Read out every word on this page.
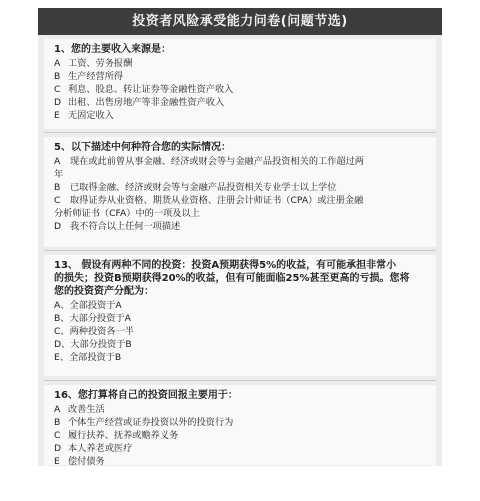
投资者风险承受能力问卷(问题节选)
1、您的主要收入来源是：
A 工资、劳务报酬
B 生产经营所得
C 利息、股息、转让证券等金融性资产收入
D 出租、出售房地产等非金融性资产收入
E 无固定收入
5、以下描述中何种符合您的实际情况：
A 现在或此前曾从事金融、经济或财会等与金融产品投资相关的工作超过两
年
B 已取得金融、经济或财会等与金融产品投资相关专业学士以上学位
C 取得证券从业资格、期货从业资格、注册会计师证书（CPA）或注册金融
分析师证书（CFA）中的一项及以上
D 我不符合以上任何一项描述
13、 假设有两种不同的投资：投资A预期获得5%的收益，有可能承担非常小
的损失；投资B预期获得20%的收益，但有可能面临25%甚至更高的亏损。您将
您的投资资产分配为：
A、全部投资于A
B、大部分投资于A
C、两种投资各一半
D、大部分投资于B
E、全部投资于B
16、您打算将自己的投资回报主要用于：
A 改善生活
B 个体生产经营或证券投资以外的投资行为
C 履行扶养、抚养或赡养义务
D 本人养老或医疗
E 偿付债务
